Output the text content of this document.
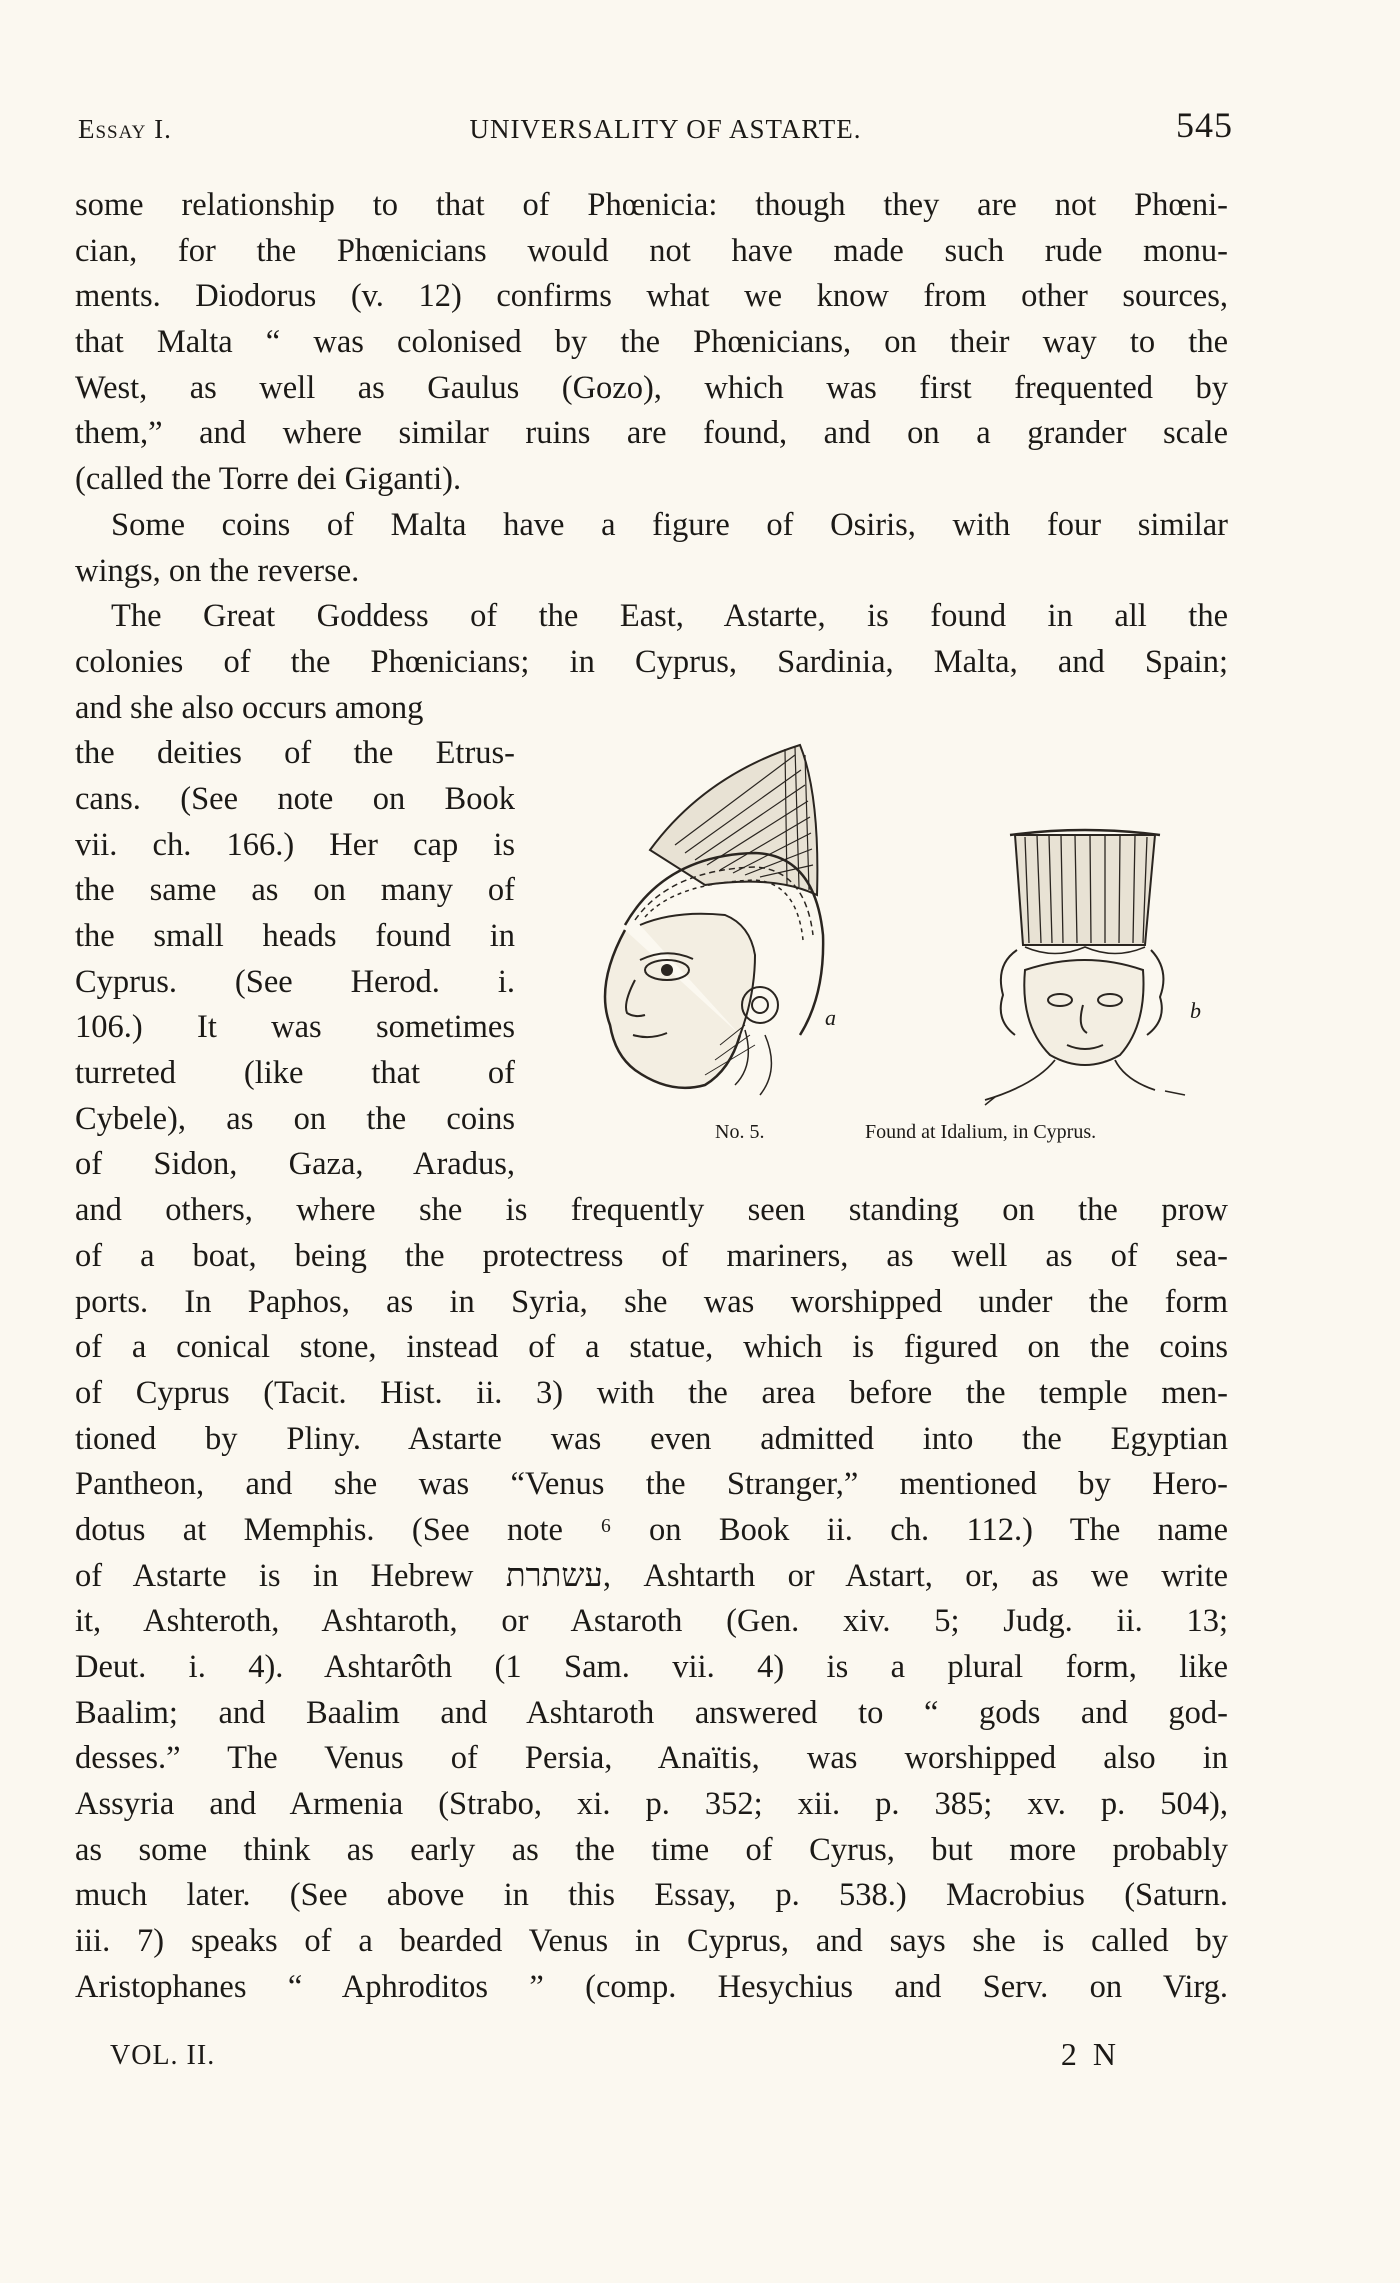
Essay I.	UNIVERSALITY OF ASTARTE.	545
some relationship to that of Phœnicia: though they are not Phœni-
cian, for the Phœnicians would not have made such rude monu-
ments. Diodorus (v. 12) confirms what we know from other sources,
that Malta “ was colonised by the Phœnicians, on their way to the
West, as well as Gaulus (Gozo), which was first frequented by
them,” and where similar ruins are found, and on a grander scale
(called the Torre dei Giganti).
Some coins of Malta have a figure of Osiris, with four similar
wings, on the reverse.
The Great Goddess of the East, Astarte, is found in all the
colonies of the Phœnicians; in Cyprus, Sardinia, Malta, and Spain;
and she also occurs among
the deities of the Etrus-
cans. (See note on Book
vii. ch. 166.) Her cap is
the same as on many of
the small heads found in
Cyprus. (See Herod. i.
106.) It was sometimes
turreted (like that of
Cybele), as on the coins
of Sidon, Gaza, Aradus,
and others, where she is frequently seen standing on the prow
of a boat, being the protectress of mariners, as well as of sea-
ports. In Paphos, as in Syria, she was worshipped under the form
of a conical stone, instead of a statue, which is figured on the coins
of Cyprus (Tacit. Hist. ii. 3) with the area before the temple men-
tioned by Pliny. Astarte was even admitted into the Egyptian
Pantheon, and she was “Venus the Stranger,” mentioned by Hero-
dotus at Memphis. (See note ⁶ on Book ii. ch. 112.) The name
of Astarte is in Hebrew עשתרת, Ashtarth or Astart, or, as we write
it, Ashteroth, Ashtaroth, or Astaroth (Gen. xiv. 5; Judg. ii. 13;
Deut. i. 4). Ashtarôth (1 Sam. vii. 4) is a plural form, like
Baalim; and Baalim and Ashtaroth answered to “ gods and god-
desses.” The Venus of Persia, Anaïtis, was worshipped also in
Assyria and Armenia (Strabo, xi. p. 352; xii. p. 385; xv. p. 504),
as some think as early as the time of Cyrus, but more probably
much later. (See above in this Essay, p. 538.) Macrobius (Saturn.
iii. 7) speaks of a bearded Venus in Cyprus, and says she is called by
Aristophanes “ Aphroditos ” (comp. Hesychius and Serv. on Virg.
a	b
No. 5.	Found at Idalium, in Cyprus.
VOL. II.	2 N
